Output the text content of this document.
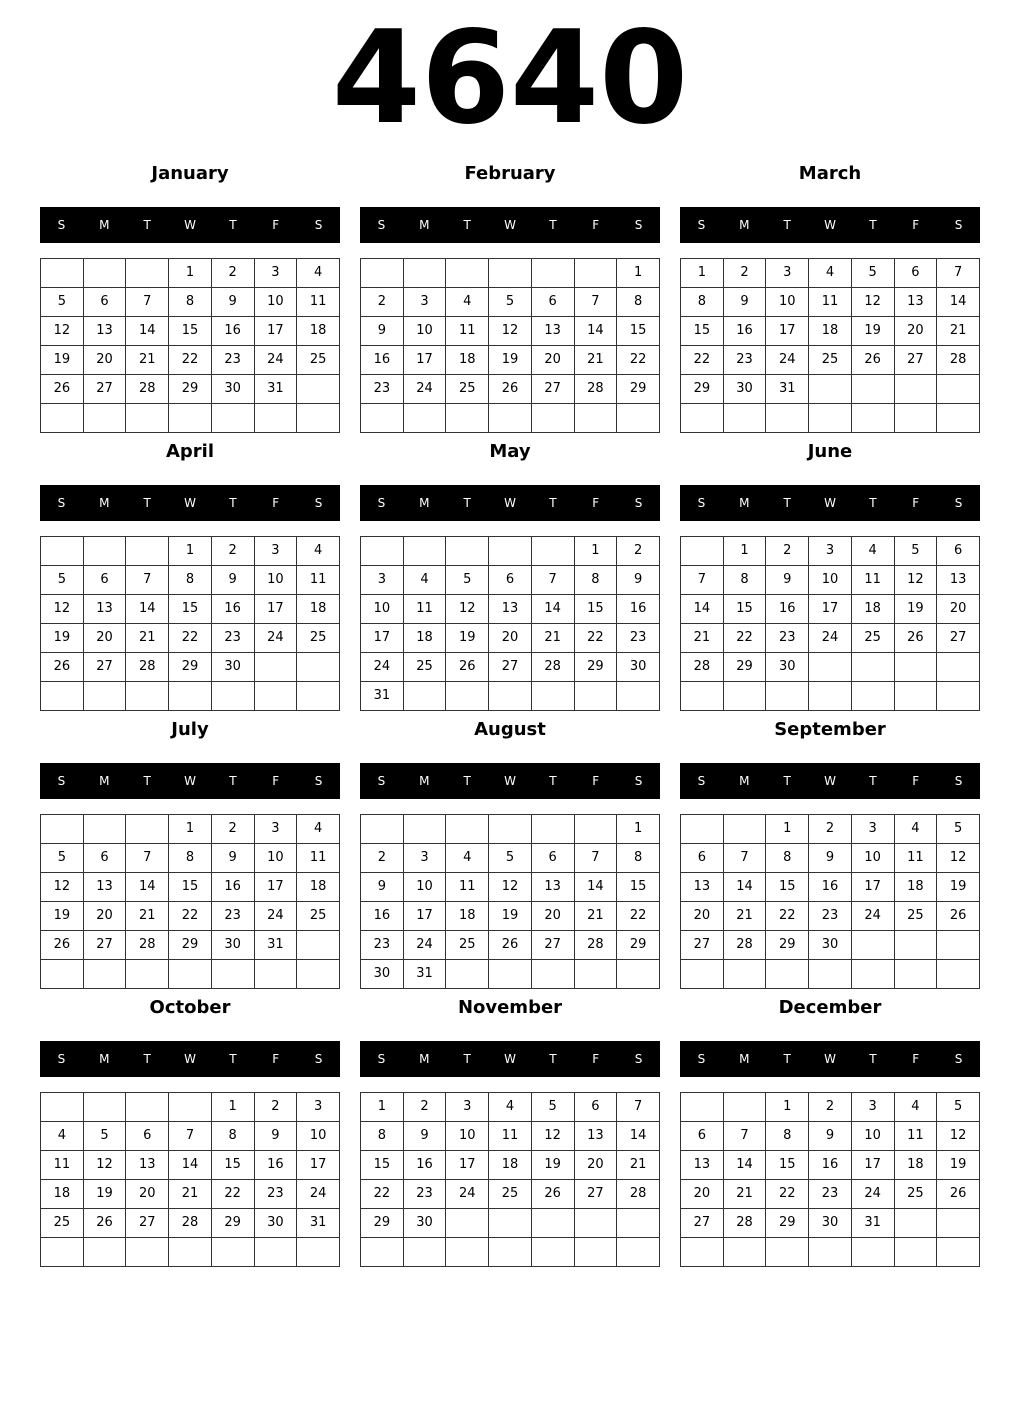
4640
January
S	M	T	W	T	F	S
			1	2	3	4
5	6	7	8	9	10	11
12	13	14	15	16	17	18
19	20	21	22	23	24	25
26	27	28	29	30	31	

February
S	M	T	W	T	F	S
						1
2	3	4	5	6	7	8
9	10	11	12	13	14	15
16	17	18	19	20	21	22
23	24	25	26	27	28	29

March
S	M	T	W	T	F	S
1	2	3	4	5	6	7
8	9	10	11	12	13	14
15	16	17	18	19	20	21
22	23	24	25	26	27	28
29	30	31				

April
S	M	T	W	T	F	S
			1	2	3	4
5	6	7	8	9	10	11
12	13	14	15	16	17	18
19	20	21	22	23	24	25
26	27	28	29	30		

May
S	M	T	W	T	F	S
					1	2
3	4	5	6	7	8	9
10	11	12	13	14	15	16
17	18	19	20	21	22	23
24	25	26	27	28	29	30
31						
June
S	M	T	W	T	F	S
	1	2	3	4	5	6
7	8	9	10	11	12	13
14	15	16	17	18	19	20
21	22	23	24	25	26	27
28	29	30				

July
S	M	T	W	T	F	S
			1	2	3	4
5	6	7	8	9	10	11
12	13	14	15	16	17	18
19	20	21	22	23	24	25
26	27	28	29	30	31	

August
S	M	T	W	T	F	S
						1
2	3	4	5	6	7	8
9	10	11	12	13	14	15
16	17	18	19	20	21	22
23	24	25	26	27	28	29
30	31					
September
S	M	T	W	T	F	S
		1	2	3	4	5
6	7	8	9	10	11	12
13	14	15	16	17	18	19
20	21	22	23	24	25	26
27	28	29	30			

October
S	M	T	W	T	F	S
				1	2	3
4	5	6	7	8	9	10
11	12	13	14	15	16	17
18	19	20	21	22	23	24
25	26	27	28	29	30	31

November
S	M	T	W	T	F	S
1	2	3	4	5	6	7
8	9	10	11	12	13	14
15	16	17	18	19	20	21
22	23	24	25	26	27	28
29	30					

December
S	M	T	W	T	F	S
		1	2	3	4	5
6	7	8	9	10	11	12
13	14	15	16	17	18	19
20	21	22	23	24	25	26
27	28	29	30	31		
